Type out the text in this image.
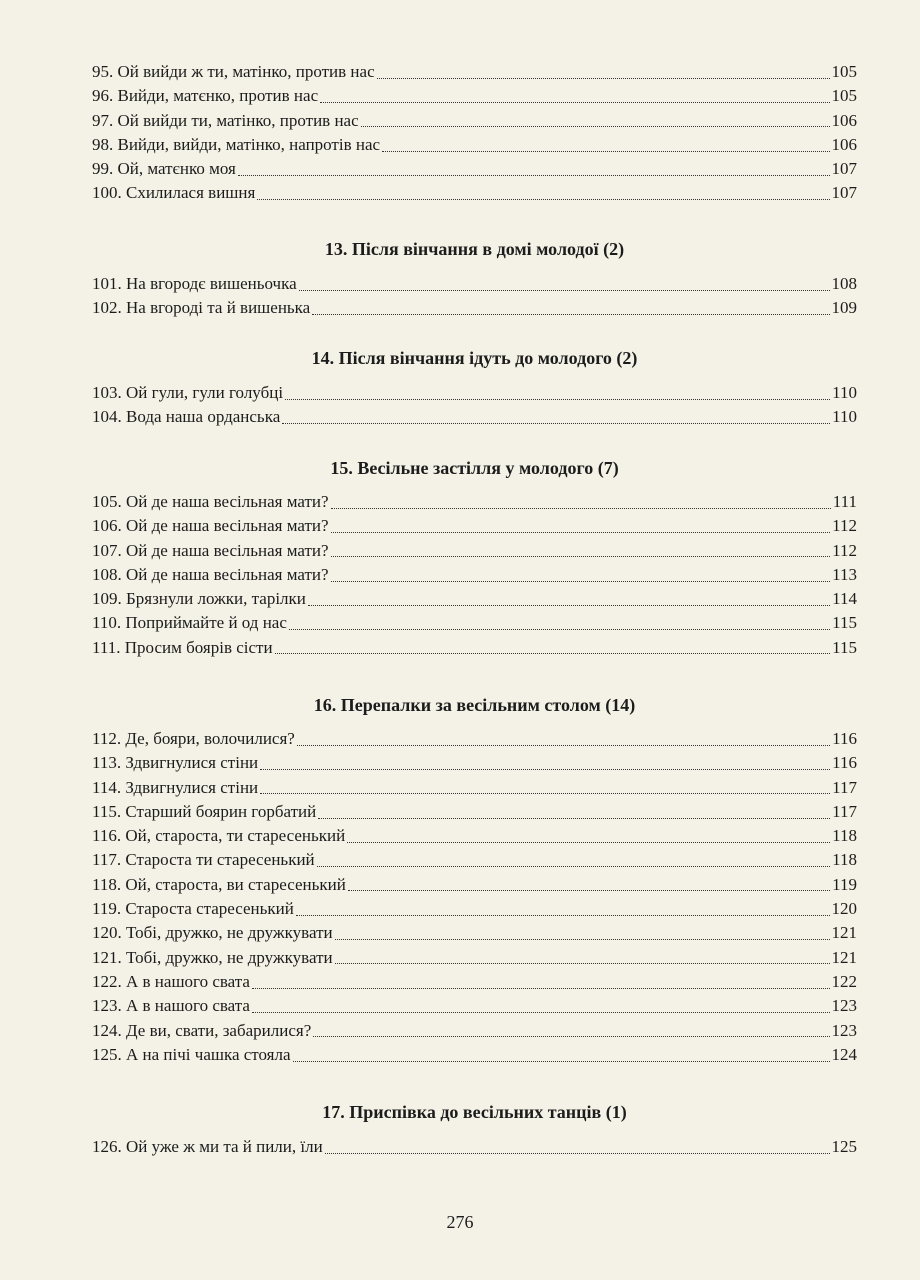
95. Ой вийди ж ти, матінко, против нас	105
96. Вийди, матєнко, против нас	105
97. Ой вийди ти, матінко, против нас	106
98. Вийди, вийди, матінко, напротів нас	106
99. Ой, матєнко моя	107
100. Схилилася вишня	107
13. Після вінчання в домі молодої (2)
101. На вгородє вишеньочка	108
102. На вгороді та й вишенька	109
14. Після вінчання ідуть до молодого (2)
103. Ой гули, гули голубці	110
104. Вода наша орданська	110
15. Весільне застілля у молодого (7)
105. Ой де наша весільная мати?	111
106. Ой де наша весільная мати?	112
107. Ой де наша весільная мати?	112
108. Ой де наша весільная мати?	113
109. Брязнули ложки, тарілки	114
110. Поприймайте й од нас	115
111. Просим боярів сісти	115
16. Перепалки за весільним столом (14)
112. Де, бояри, волочилися?	116
113. Здвигнулися стіни	116
114. Здвигнулися стіни	117
115. Старший боярин горбатий	117
116. Ой, староста, ти старесенький	118
117. Староста ти старесенький	118
118. Ой, староста, ви старесенький	119
119. Староста старесенький	120
120. Тобі, дружко, не дружкувати	121
121. Тобі, дружко, не дружкувати	121
122. А в нашого свата	122
123. А в нашого свата	123
124. Де ви, свати, забарилися?	123
125. А на пічі чашка стояла	124
17. Приспівка до весільних танців (1)
126. Ой уже ж ми та й пили, їли	125
276
